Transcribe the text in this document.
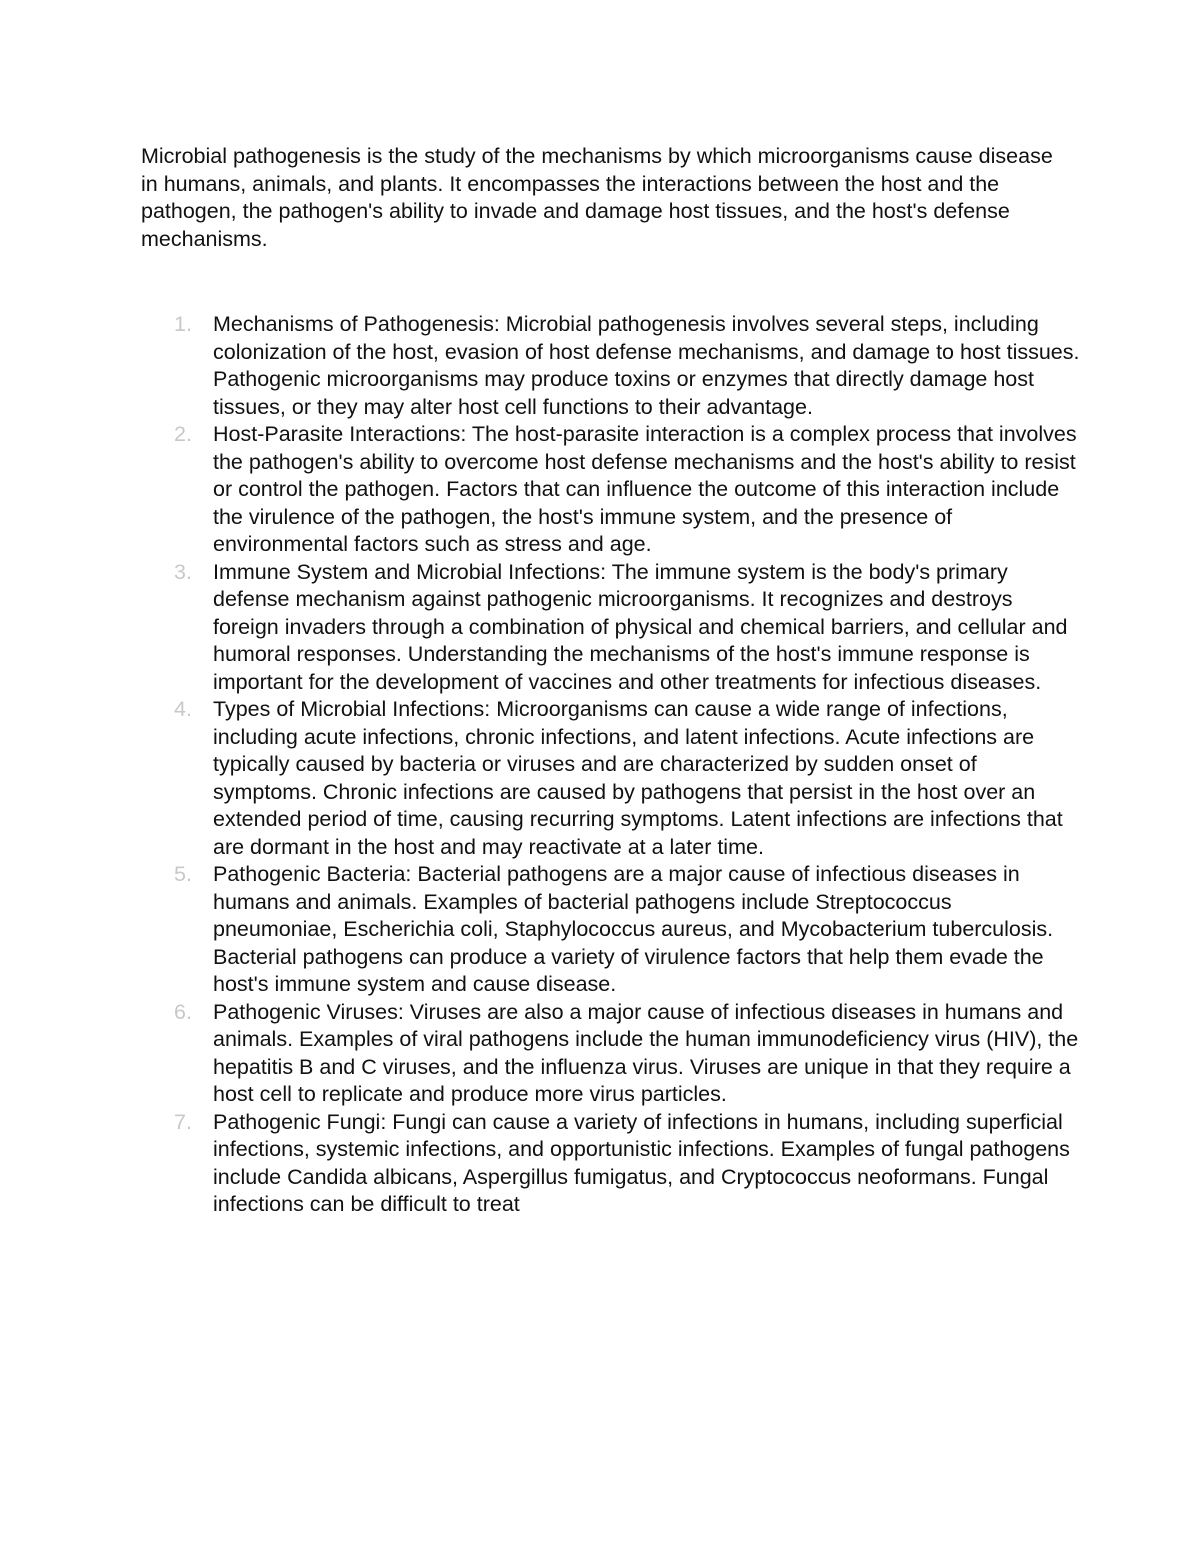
Microbial pathogenesis is the study of the mechanisms by which microorganisms cause disease in humans, animals, and plants. It encompasses the interactions between the host and the pathogen, the pathogen's ability to invade and damage host tissues, and the host's defense mechanisms.

1. Mechanisms of Pathogenesis: Microbial pathogenesis involves several steps, including colonization of the host, evasion of host defense mechanisms, and damage to host tissues. Pathogenic microorganisms may produce toxins or enzymes that directly damage host tissues, or they may alter host cell functions to their advantage.
2. Host-Parasite Interactions: The host-parasite interaction is a complex process that involves the pathogen's ability to overcome host defense mechanisms and the host's ability to resist or control the pathogen. Factors that can influence the outcome of this interaction include the virulence of the pathogen, the host's immune system, and the presence of environmental factors such as stress and age.
3. Immune System and Microbial Infections: The immune system is the body's primary defense mechanism against pathogenic microorganisms. It recognizes and destroys foreign invaders through a combination of physical and chemical barriers, and cellular and humoral responses. Understanding the mechanisms of the host's immune response is important for the development of vaccines and other treatments for infectious diseases.
4. Types of Microbial Infections: Microorganisms can cause a wide range of infections, including acute infections, chronic infections, and latent infections. Acute infections are typically caused by bacteria or viruses and are characterized by sudden onset of symptoms. Chronic infections are caused by pathogens that persist in the host over an extended period of time, causing recurring symptoms. Latent infections are infections that are dormant in the host and may reactivate at a later time.
5. Pathogenic Bacteria: Bacterial pathogens are a major cause of infectious diseases in humans and animals. Examples of bacterial pathogens include Streptococcus pneumoniae, Escherichia coli, Staphylococcus aureus, and Mycobacterium tuberculosis. Bacterial pathogens can produce a variety of virulence factors that help them evade the host's immune system and cause disease.
6. Pathogenic Viruses: Viruses are also a major cause of infectious diseases in humans and animals. Examples of viral pathogens include the human immunodeficiency virus (HIV), the hepatitis B and C viruses, and the influenza virus. Viruses are unique in that they require a host cell to replicate and produce more virus particles.
7. Pathogenic Fungi: Fungi can cause a variety of infections in humans, including superficial infections, systemic infections, and opportunistic infections. Examples of fungal pathogens include Candida albicans, Aspergillus fumigatus, and Cryptococcus neoformans. Fungal infections can be difficult to treat
